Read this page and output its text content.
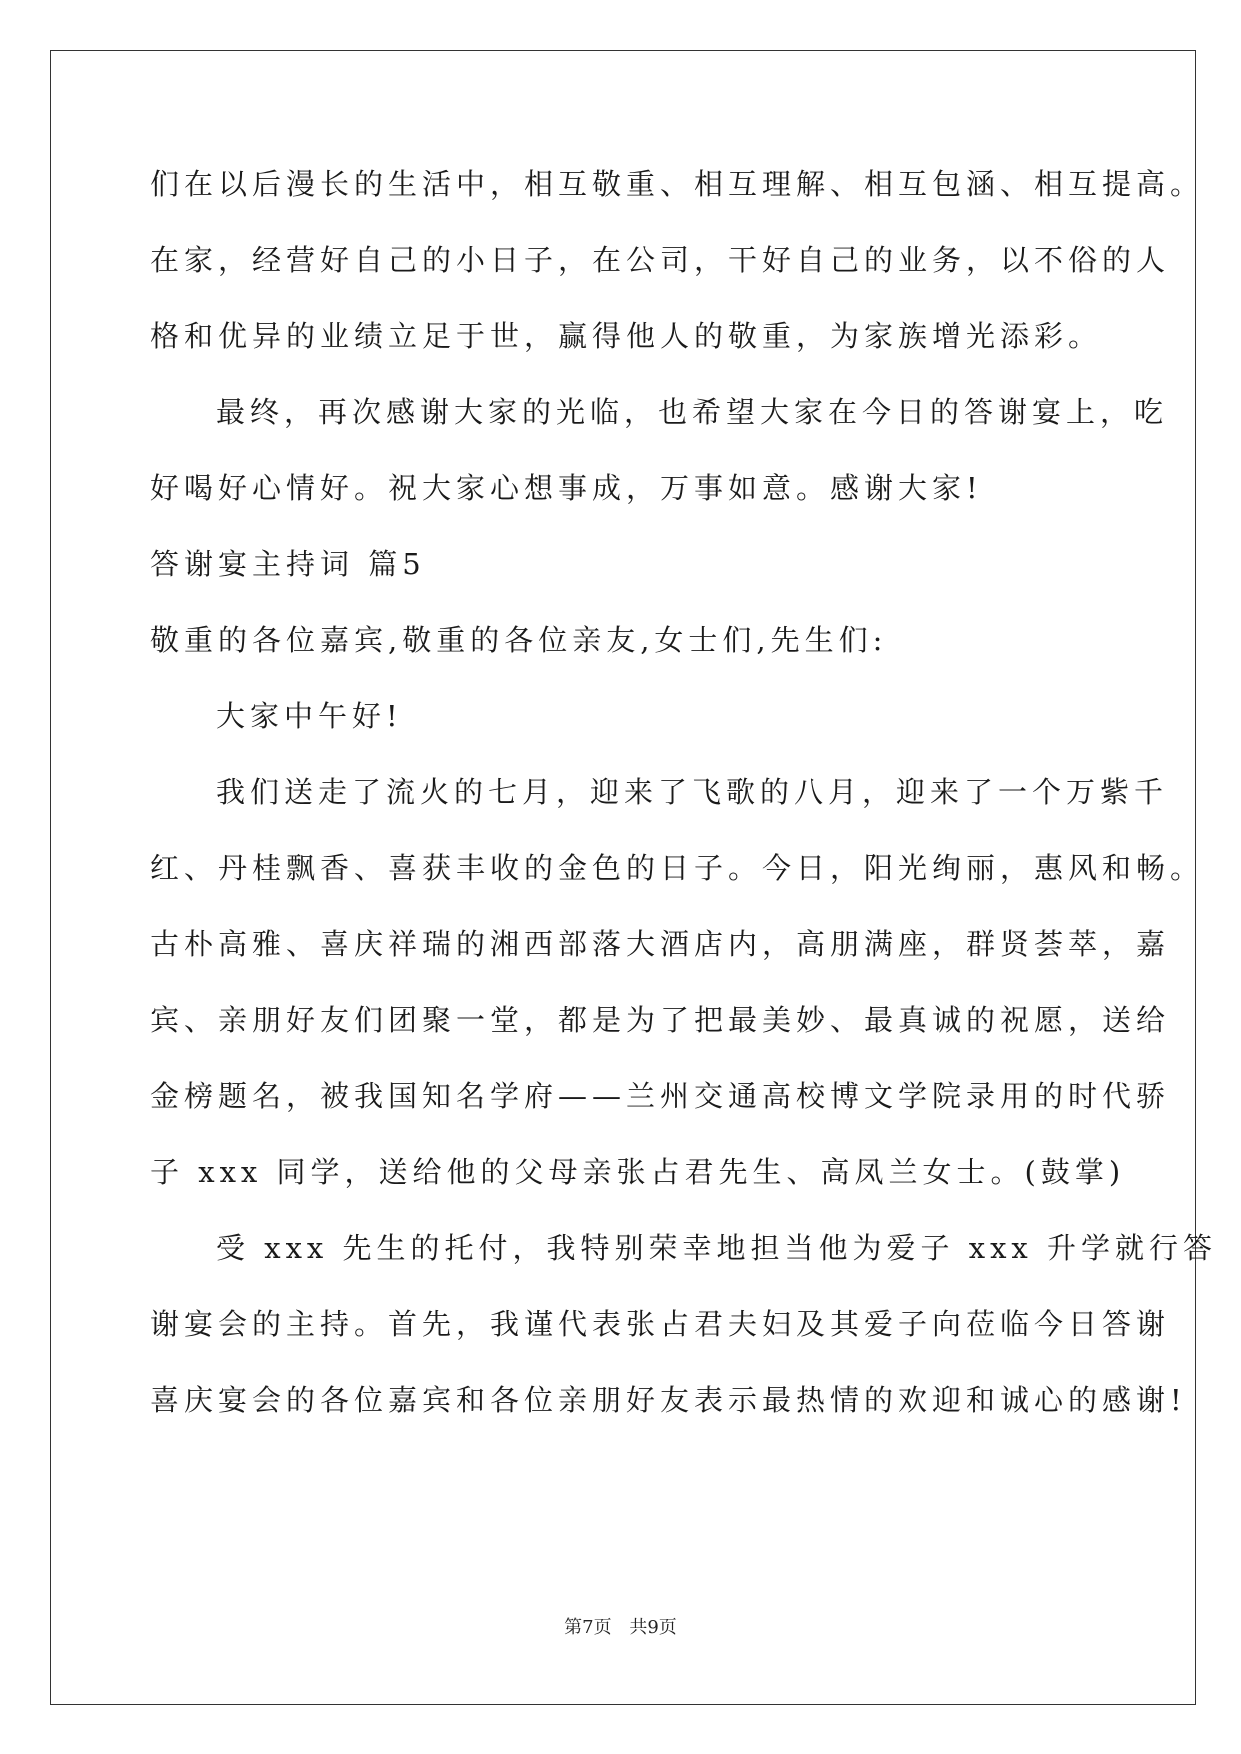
们在以后漫长的生活中，相互敬重、相互理解、相互包涵、相互提高。
在家，经营好自己的小日子，在公司，干好自己的业务，以不俗的人
格和优异的业绩立足于世，赢得他人的敬重，为家族增光添彩。
最终，再次感谢大家的光临，也希望大家在今日的答谢宴上，吃
好喝好心情好。祝大家心想事成，万事如意。感谢大家!
答谢宴主持词 篇5
敬重的各位嘉宾,敬重的各位亲友,女士们,先生们:
大家中午好!
我们送走了流火的七月，迎来了飞歌的八月，迎来了一个万紫千
红、丹桂飘香、喜获丰收的金色的日子。今日，阳光绚丽，惠风和畅。
古朴高雅、喜庆祥瑞的湘西部落大酒店内，高朋满座，群贤荟萃，嘉
宾、亲朋好友们团聚一堂，都是为了把最美妙、最真诚的祝愿，送给
金榜题名，被我国知名学府——兰州交通高校博文学院录用的时代骄
子 xxx 同学，送给他的父母亲张占君先生、高凤兰女士。(鼓掌)
受 xxx 先生的托付，我特别荣幸地担当他为爱子 xxx 升学就行答
谢宴会的主持。首先，我谨代表张占君夫妇及其爱子向莅临今日答谢
喜庆宴会的各位嘉宾和各位亲朋好友表示最热情的欢迎和诚心的感谢!
第7页 共9页
